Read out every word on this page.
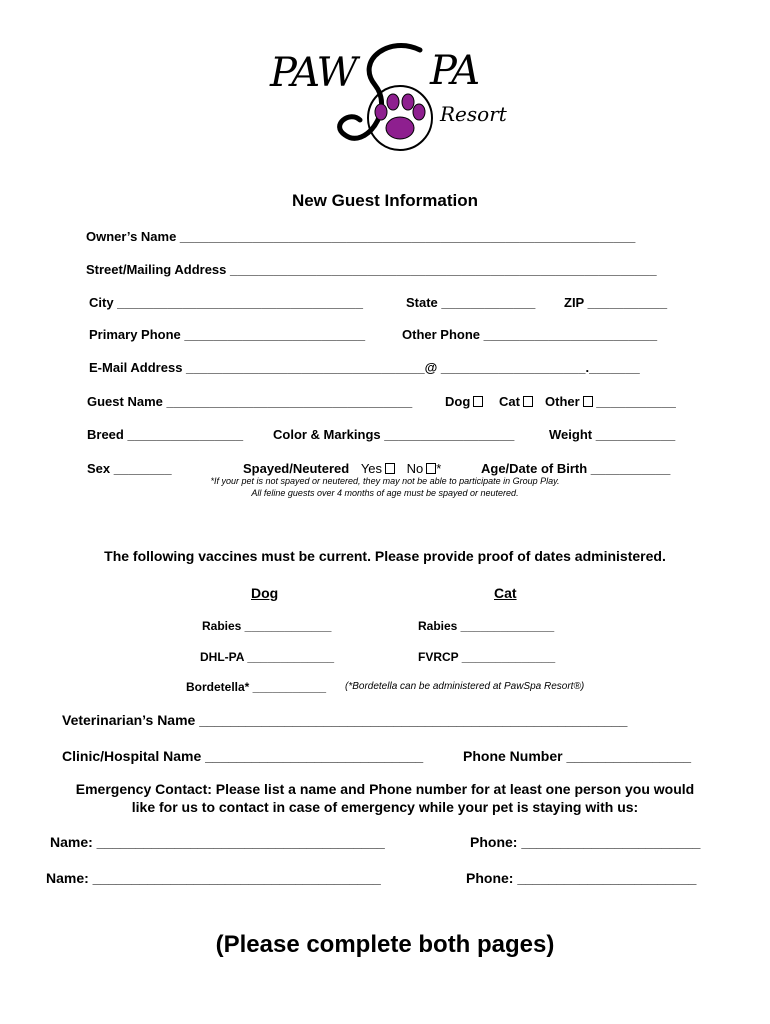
PAW PA
Resort
New Guest Information
Owner’s Name _______________________________________________________________
Street/Mailing Address ___________________________________________________________
City __________________________________	State _____________ ZIP ___________
Primary Phone _________________________	Other Phone ________________________
E-Mail Address _________________________________@ ____________________._______
Guest Name __________________________________	Dog	Cat	Other ___________
Breed ________________ Color & Markings __________________	Weight ___________
Sex ________	Spayed/Neutered Yes No *	Age/Date of Birth ___________
*If your pet is not spayed or neutered, they may not be able to participate in Group Play.
All feline guests over 4 months of age must be spayed or neutered.
The following vaccines must be current. Please provide proof of dates administered.
Dog	Cat
Rabies _____________	Rabies ______________
DHL-PA _____________	FVRCP ______________
Bordetella* ___________ (*Bordetella can be administered at PawSpa Resort®)
Veterinarian’s Name _______________________________________________________
Clinic/Hospital Name ____________________________	Phone Number ________________
Emergency Contact: Please list a name and Phone number for at least one person you would
like for us to contact in case of emergency while your pet is staying with us:
Name: _____________________________________	Phone: _______________________
Name: _____________________________________	Phone: _______________________
(Please complete both pages)
